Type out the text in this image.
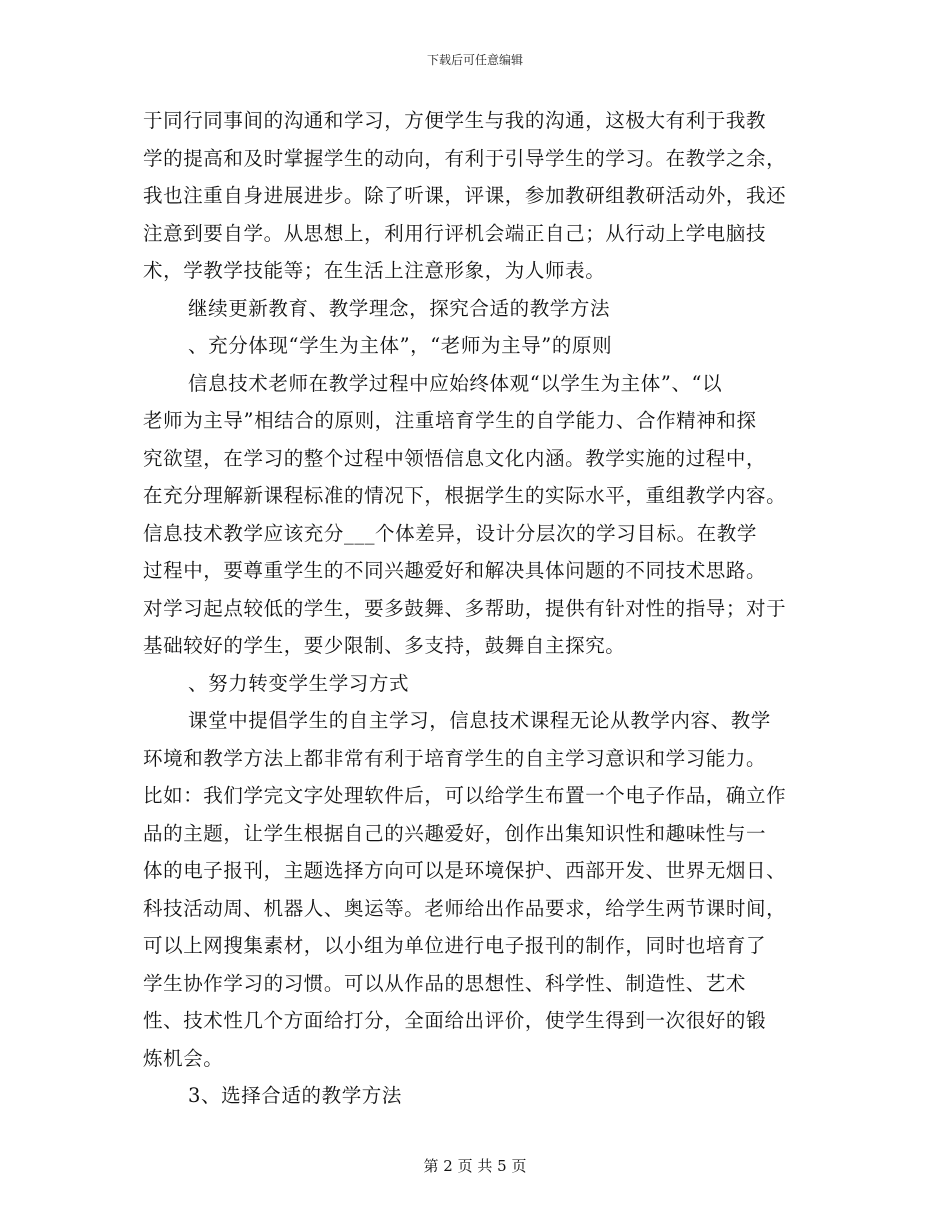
下载后可任意编辑
于同行同事间的沟通和学习，方便学生与我的沟通，这极大有利于我教
学的提高和及时掌握学生的动向，有利于引导学生的学习。在教学之余，
我也注重自身进展进步。除了听课，评课，参加教研组教研活动外，我还
注意到要自学。从思想上，利用行评机会端正自己；从行动上学电脑技
术，学教学技能等；在生活上注意形象，为人师表。
继续更新教育、教学理念，探究合适的教学方法
、充分体现“学生为主体”，“老师为主导”的原则
信息技术老师在教学过程中应始终体观“以学生为主体”、“以
老师为主导”相结合的原则，注重培育学生的自学能力、合作精神和探
究欲望，在学习的整个过程中领悟信息文化内涵。教学实施的过程中，
在充分理解新课程标准的情况下，根据学生的实际水平，重组教学内容。
信息技术教学应该充分___个体差异，设计分层次的学习目标。在教学
过程中，要尊重学生的不同兴趣爱好和解决具体问题的不同技术思路。
对学习起点较低的学生，要多鼓舞、多帮助，提供有针对性的指导；对于
基础较好的学生，要少限制、多支持，鼓舞自主探究。
、努力转变学生学习方式
课堂中提倡学生的自主学习，信息技术课程无论从教学内容、教学
环境和教学方法上都非常有利于培育学生的自主学习意识和学习能力。
比如：我们学完文字处理软件后，可以给学生布置一个电子作品，确立作
品的主题，让学生根据自己的兴趣爱好，创作出集知识性和趣味性与一
体的电子报刊，主题选择方向可以是环境保护、西部开发、世界无烟日、
科技活动周、机器人、奥运等。老师给出作品要求，给学生两节课时间，
可以上网搜集素材，以小组为单位进行电子报刊的制作，同时也培育了
学生协作学习的习惯。可以从作品的思想性、科学性、制造性、艺术
性、技术性几个方面给打分，全面给出评价，使学生得到一次很好的锻
炼机会。
3、选择合适的教学方法
第 2 页 共 5 页
